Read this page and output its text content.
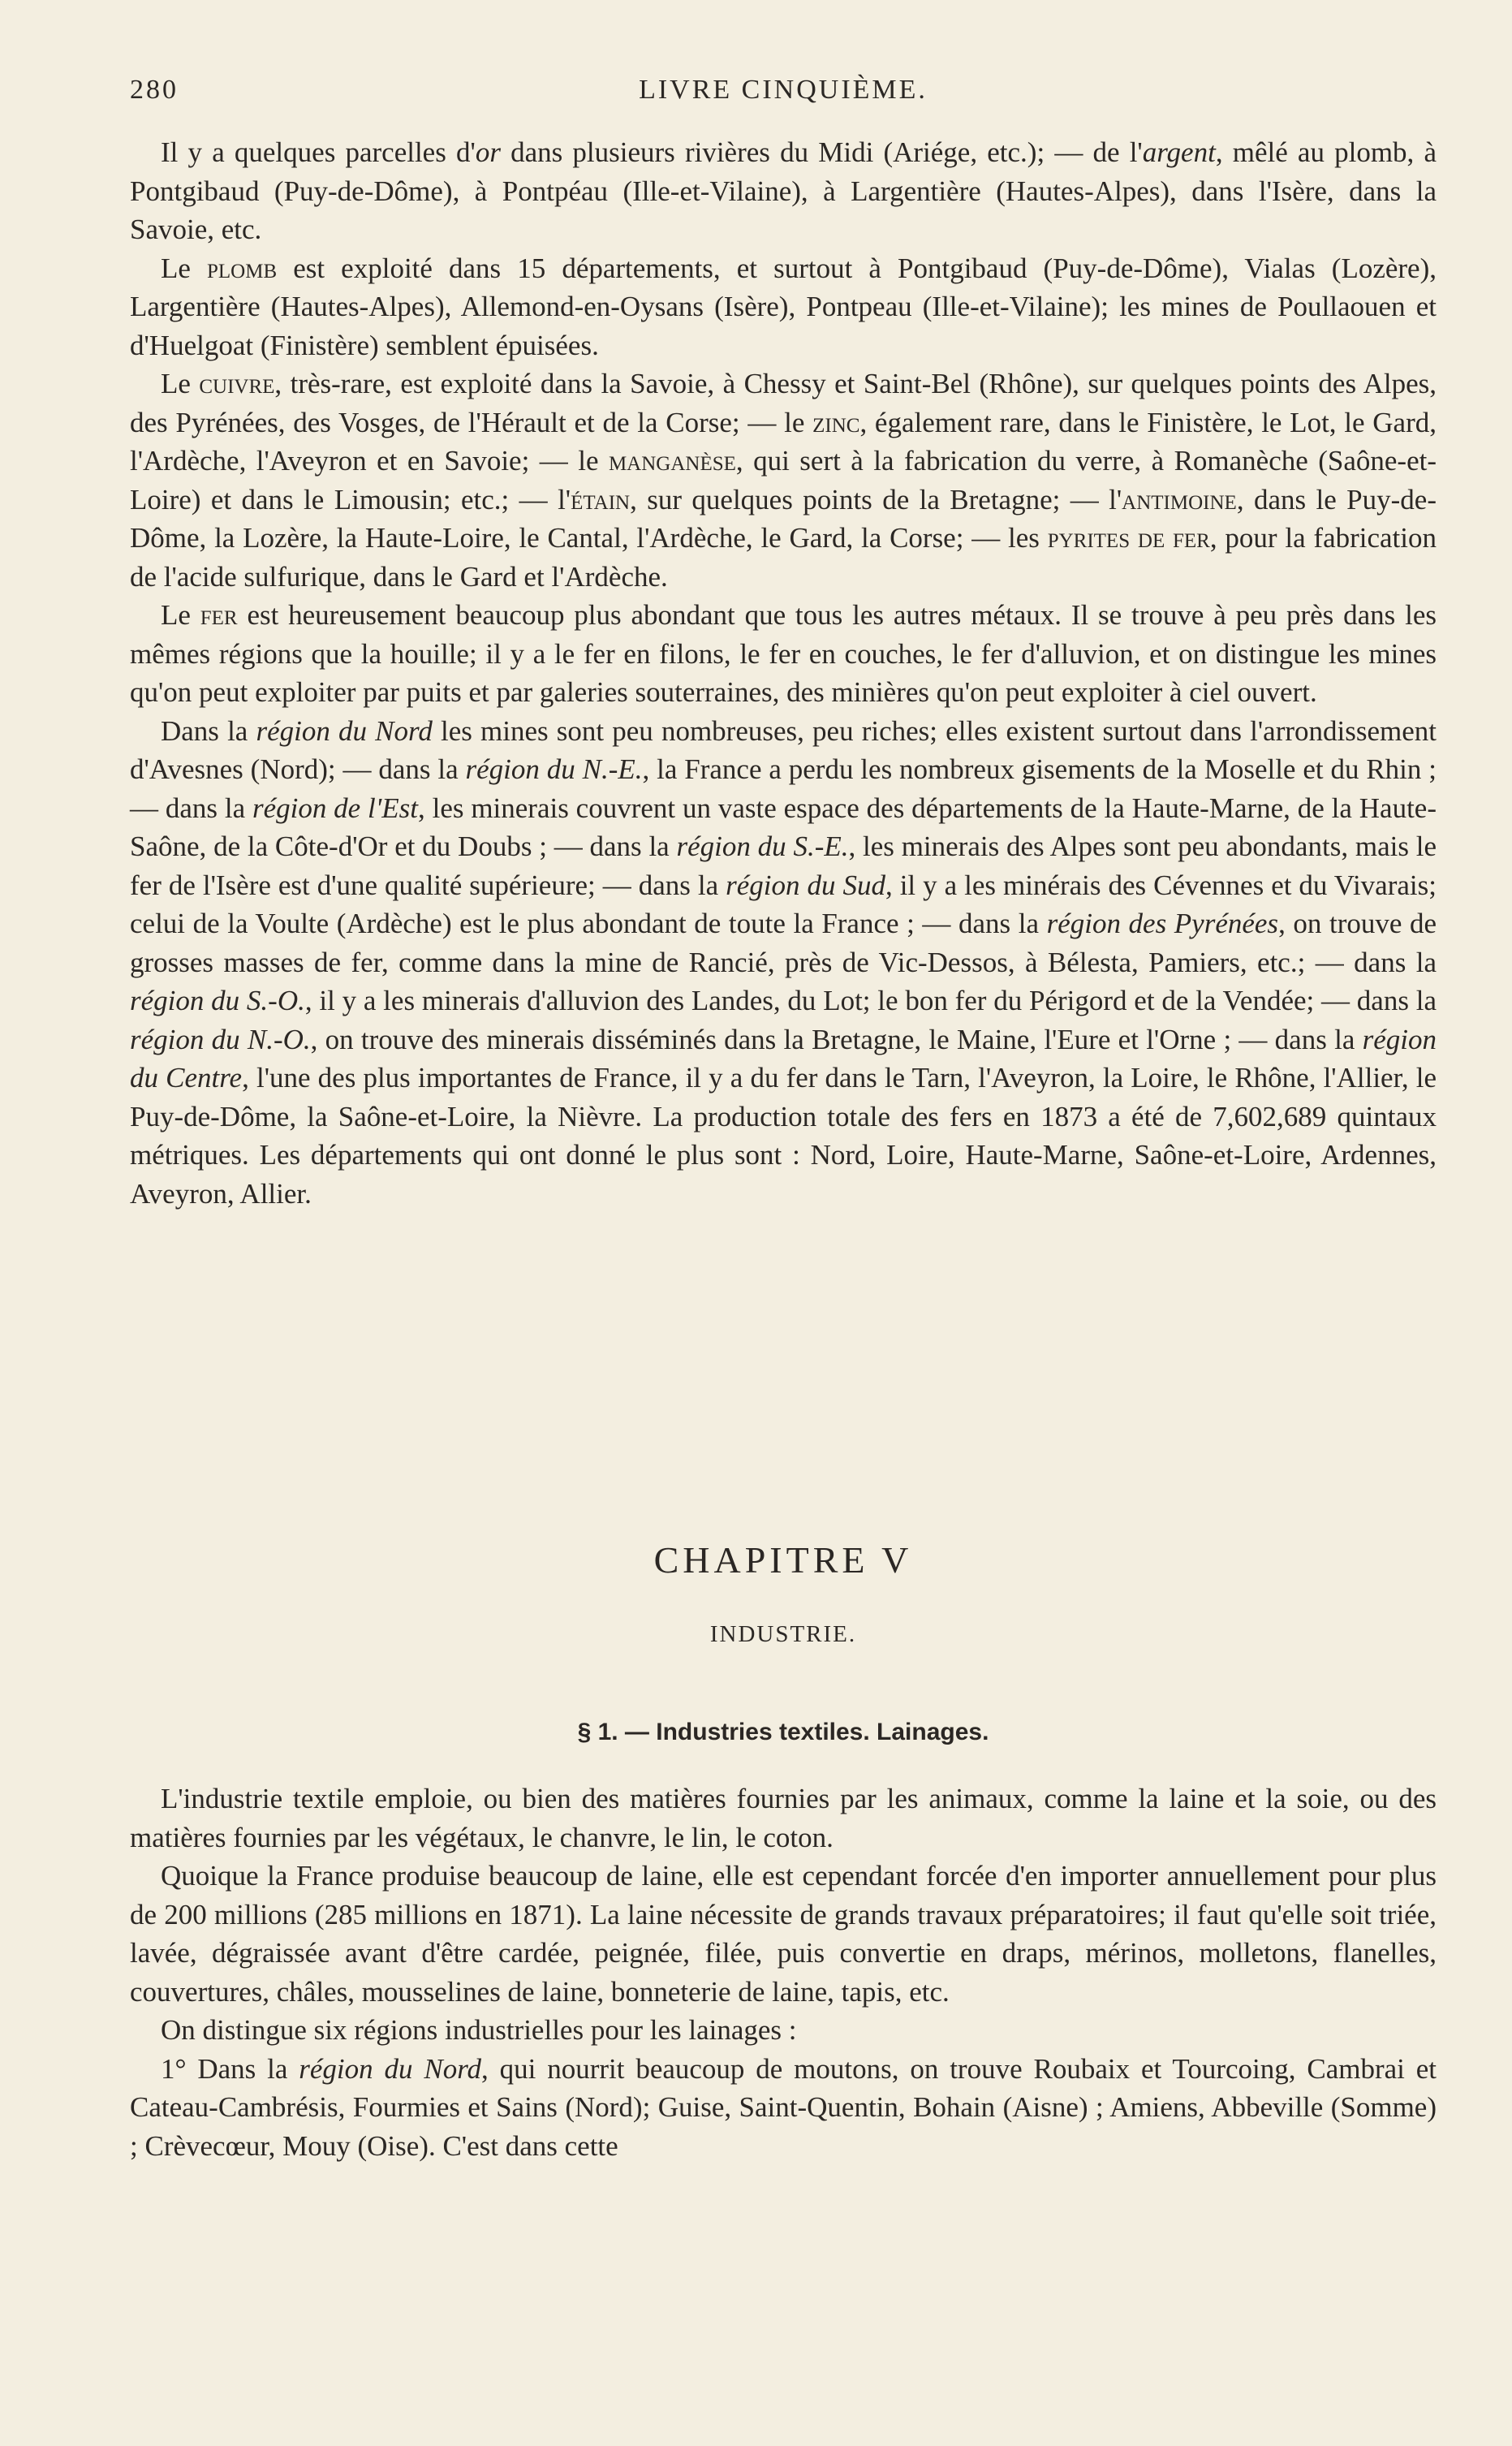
280	LIVRE CINQUIÈME.

Il y a quelques parcelles d'or dans plusieurs rivières du Midi (Ariége, etc.); — de l'argent, mêlé au plomb, à Pontgibaud (Puy-de-Dôme), à Pontpéau (Ille-et-Vilaine), à Largentière (Hautes-Alpes), dans l'Isère, dans la Savoie, etc.

Le plomb est exploité dans 15 départements, et surtout à Pontgibaud (Puy-de-Dôme), Vialas (Lozère), Largentière (Hautes-Alpes), Allemond-en-Oysans (Isère), Pontpeau (Ille-et-Vilaine); les mines de Poullaouen et d'Huelgoat (Finistère) semblent épuisées.

Le cuivre, très-rare, est exploité dans la Savoie, à Chessy et Saint-Bel (Rhône), sur quelques points des Alpes, des Pyrénées, des Vosges, de l'Hérault et de la Corse; — le zinc, également rare, dans le Finistère, le Lot, le Gard, l'Ardèche, l'Aveyron et en Savoie; — le manganèse, qui sert à la fabrication du verre, à Romanèche (Saône-et-Loire) et dans le Limousin; etc.; — l'étain, sur quelques points de la Bretagne; — l'antimoine, dans le Puy-de-Dôme, la Lozère, la Haute-Loire, le Cantal, l'Ardèche, le Gard, la Corse; — les pyrites de fer, pour la fabrication de l'acide sulfurique, dans le Gard et l'Ardèche.

Le fer est heureusement beaucoup plus abondant que tous les autres métaux. Il se trouve à peu près dans les mêmes régions que la houille; il y a le fer en filons, le fer en couches, le fer d'alluvion, et on distingue les mines qu'on peut exploiter par puits et par galeries souterraines, des minières qu'on peut exploiter à ciel ouvert.

Dans la région du Nord les mines sont peu nombreuses, peu riches; elles existent surtout dans l'arrondissement d'Avesnes (Nord); — dans la région du N.-E., la France a perdu les nombreux gisements de la Moselle et du Rhin ; — dans la région de l'Est, les minerais couvrent un vaste espace des départements de la Haute-Marne, de la Haute-Saône, de la Côte-d'Or et du Doubs ; — dans la région du S.-E., les minerais des Alpes sont peu abondants, mais le fer de l'Isère est d'une qualité supérieure; — dans la région du Sud, il y a les minérais des Cévennes et du Vivarais; celui de la Voulte (Ardèche) est le plus abondant de toute la France ; — dans la région des Pyrénées, on trouve de grosses masses de fer, comme dans la mine de Rancié, près de Vic-Dessos, à Bélesta, Pamiers, etc.; — dans la région du S.-O., il y a les minerais d'alluvion des Landes, du Lot; le bon fer du Périgord et de la Vendée; — dans la région du N.-O., on trouve des minerais disséminés dans la Bretagne, le Maine, l'Eure et l'Orne ; — dans la région du Centre, l'une des plus importantes de France, il y a du fer dans le Tarn, l'Aveyron, la Loire, le Rhône, l'Allier, le Puy-de-Dôme, la Saône-et-Loire, la Nièvre. La production totale des fers en 1873 a été de 7,602,689 quintaux métriques. Les départements qui ont donné le plus sont : Nord, Loire, Haute-Marne, Saône-et-Loire, Ardennes, Aveyron, Allier.

CHAPITRE V
INDUSTRIE.
§ 1. — Industries textiles. Lainages.

L'industrie textile emploie, ou bien des matières fournies par les animaux, comme la laine et la soie, ou des matières fournies par les végétaux, le chanvre, le lin, le coton.

Quoique la France produise beaucoup de laine, elle est cependant forcée d'en importer annuellement pour plus de 200 millions (285 millions en 1871). La laine nécessite de grands travaux préparatoires; il faut qu'elle soit triée, lavée, dégraissée avant d'être cardée, peignée, filée, puis convertie en draps, mérinos, molletons, flanelles, couvertures, châles, mousselines de laine, bonneterie de laine, tapis, etc.

On distingue six régions industrielles pour les lainages :

1° Dans la région du Nord, qui nourrit beaucoup de moutons, on trouve Roubaix et Tourcoing, Cambrai et Cateau-Cambrésis, Fourmies et Sains (Nord); Guise, Saint-Quentin, Bohain (Aisne) ; Amiens, Abbeville (Somme) ; Crèvecœur, Mouy (Oise). C'est dans cette
